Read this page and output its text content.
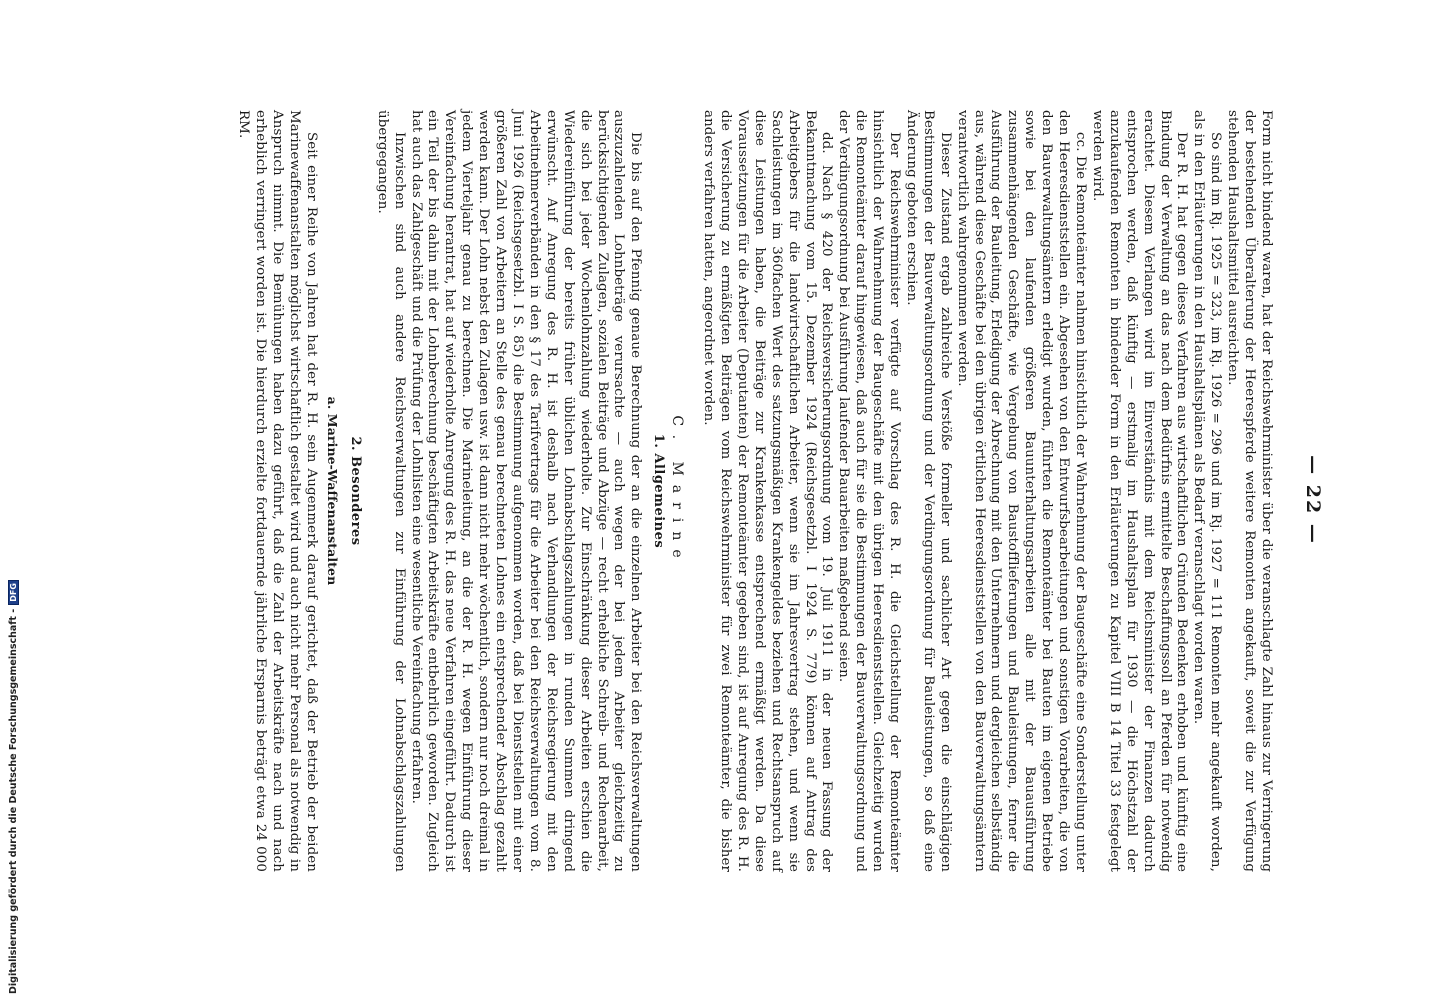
— 22 —

Form nicht bindend waren, hat der Reichswehrminister über die veranschlagte Zahl hinaus zur Verringerung der bestehenden Überalterung der Heerespferde weitere Remonten angekauft, soweit die zur Verfügung stehenden Haushaltsmittel ausreichten.

So sind im Rj. 1925 = 323, im Rj. 1926 = 296 und im Rj. 1927 = 111 Remonten mehr angekauft worden, als in den Erläuterungen in den Haushaltsplänen als Bedarf veranschlagt worden waren.

Der R. H. hat gegen dieses Verfahren aus wirtschaftlichen Gründen Bedenken erhoben und künftig eine Bindung der Verwaltung an das nach dem Bedürfnis ermittelte Beschaffungssoll an Pferden für notwendig erachtet. Diesem Verlangen wird im Einverständnis mit dem Reichsminister der Finanzen dadurch entsprochen werden, daß künftig — erstmalig im Haushaltsplan für 1930 — die Höchstzahl der anzukaufenden Remonten in bindender Form in den Erläuterungen zu Kapitel VIII B 14 Titel 33 festgelegt werden wird.

cc. Die Remonteämter nahmen hinsichtlich der Wahrnehmung der Baugeschäfte eine Sonderstellung unter den Heeresdienststellen ein. Abgesehen von den Entwurfsbearbeitungen und sonstigen Vorarbeiten, die von den Bauverwaltungsämtern erledigt wurden, führten die Remonteämter bei Bauten im eigenen Betriebe sowie bei den laufenden größeren Bauunterhaltungsarbeiten alle mit der Bauausführung zusammenhängenden Geschäfte, wie Vergebung von Baustofflieferungen und Bauleistungen, ferner die Ausführung der Bauleitung, Erledigung der Abrechnung mit den Unternehmern und dergleichen selbständig aus, während diese Geschäfte bei den übrigen örtlichen Heeresdienststellen von den Bauverwaltungsämtern verantwortlich wahrgenommen werden.

Dieser Zustand ergab zahlreiche Verstöße formeller und sachlicher Art gegen die einschlägigen Bestimmungen der Bauverwaltungsordnung und der Verdingungsordnung für Bauleistungen, so daß eine Änderung geboten erschien.

Der Reichswehrminister verfügte auf Vorschlag des R. H. die Gleichstellung der Remonteämter hinsichtlich der Wahrnehmung der Baugeschäfte mit den übrigen Heeresdienststellen. Gleichzeitig wurden die Remonteämter darauf hingewiesen, daß auch für sie die Bestimmungen der Bauverwaltungsordnung und der Verdingungsordnung bei Ausführung laufender Bauarbeiten maßgebend seien.

dd. Nach § 420 der Reichsversicherungsordnung vom 19. Juli 1911 in der neuen Fassung der Bekanntmachung vom 15. Dezember 1924 (Reichsgesetzbl. I 1924 S. 779) können auf Antrag des Arbeitgebers für die landwirtschaftlichen Arbeiter, wenn sie im Jahresvertrag stehen, und wenn sie Sachleistungen im 360fachen Wert des satzungsmäßigen Krankengeldes beziehen und Rechtsanspruch auf diese Leistungen haben, die Beiträge zur Krankenkasse entsprechend ermäßigt werden. Da diese Voraussetzungen für die Arbeiter (Deputanten) der Remonteämter gegeben sind, ist auf Anregung des R. H. die Versicherung zu ermäßigten Beiträgen vom Reichswehrminister für zwei Remonteämter, die bisher anders verfahren hatten, angeordnet worden.

C. Marine
1. Allgemeines

Die bis auf den Pfennig genaue Berechnung der an die einzelnen Arbeiter bei den Reichsverwaltungen auszuzahlenden Lohnbeträge verursachte — auch wegen der bei jedem Arbeiter gleichzeitig zu berücksichtigenden Zulagen, sozialen Beiträge und Abzüge — recht erhebliche Schreib- und Rechenarbeit, die sich bei jeder Wochenlohnzahlung wiederholte. Zur Einschränkung dieser Arbeiten erschien die Wiedereinführung der bereits früher üblichen Lohnabschlagszahlungen in runden Summen dringend erwünscht. Auf Anregung des R. H. ist deshalb nach Verhandlungen der Reichsregierung mit den Arbeitnehmerverbänden in den § 17 des Tarifvertrags für die Arbeiter bei den Reichsverwaltungen vom 8. Juni 1926 (Reichsgesetzbl. I S. 85) die Bestimmung aufgenommen worden, daß bei Dienststellen mit einer größeren Zahl von Arbeitern an Stelle des genau berechneten Lohnes ein entsprechender Abschlag gezahlt werden kann. Der Lohn nebst den Zulagen usw. ist dann nicht mehr wöchentlich, sondern nur noch dreimal in jedem Vierteljahr genau zu berechnen. Die Marineleitung, an die der R. H. wegen Einführung dieser Vereinfachung herantrat, hat auf wiederholte Anregung des R. H. das neue Verfahren eingeführt. Dadurch ist ein Teil der bis dahin mit der Lohnberechnung beschäftigten Arbeitskräfte entbehrlich geworden. Zugleich hat auch das Zahlgeschäft und die Prüfung der Lohnlisten eine wesentliche Vereinfachung erfahren.

Inzwischen sind auch andere Reichsverwaltungen zur Einführung der Lohnabschlagszahlungen übergegangen.

2. Besonderes
a. Marine-Waffenanstalten

Seit einer Reihe von Jahren hat der R. H. sein Augenmerk darauf gerichtet, daß der Betrieb der beiden Marinewaffenanstalten möglichst wirtschaftlich gestaltet wird und auch nicht mehr Personal als notwendig in Anspruch nimmt. Die Bemühungen haben dazu geführt, daß die Zahl der Arbeitskräfte nach und nach erheblich verringert worden ist. Die hierdurch erzielte fortdauernde jährliche Ersparnis beträgt etwa 24 000 RM.

Digitalisierung gefördert durch die Deutsche Forschungsgemeinschaft -DFG
